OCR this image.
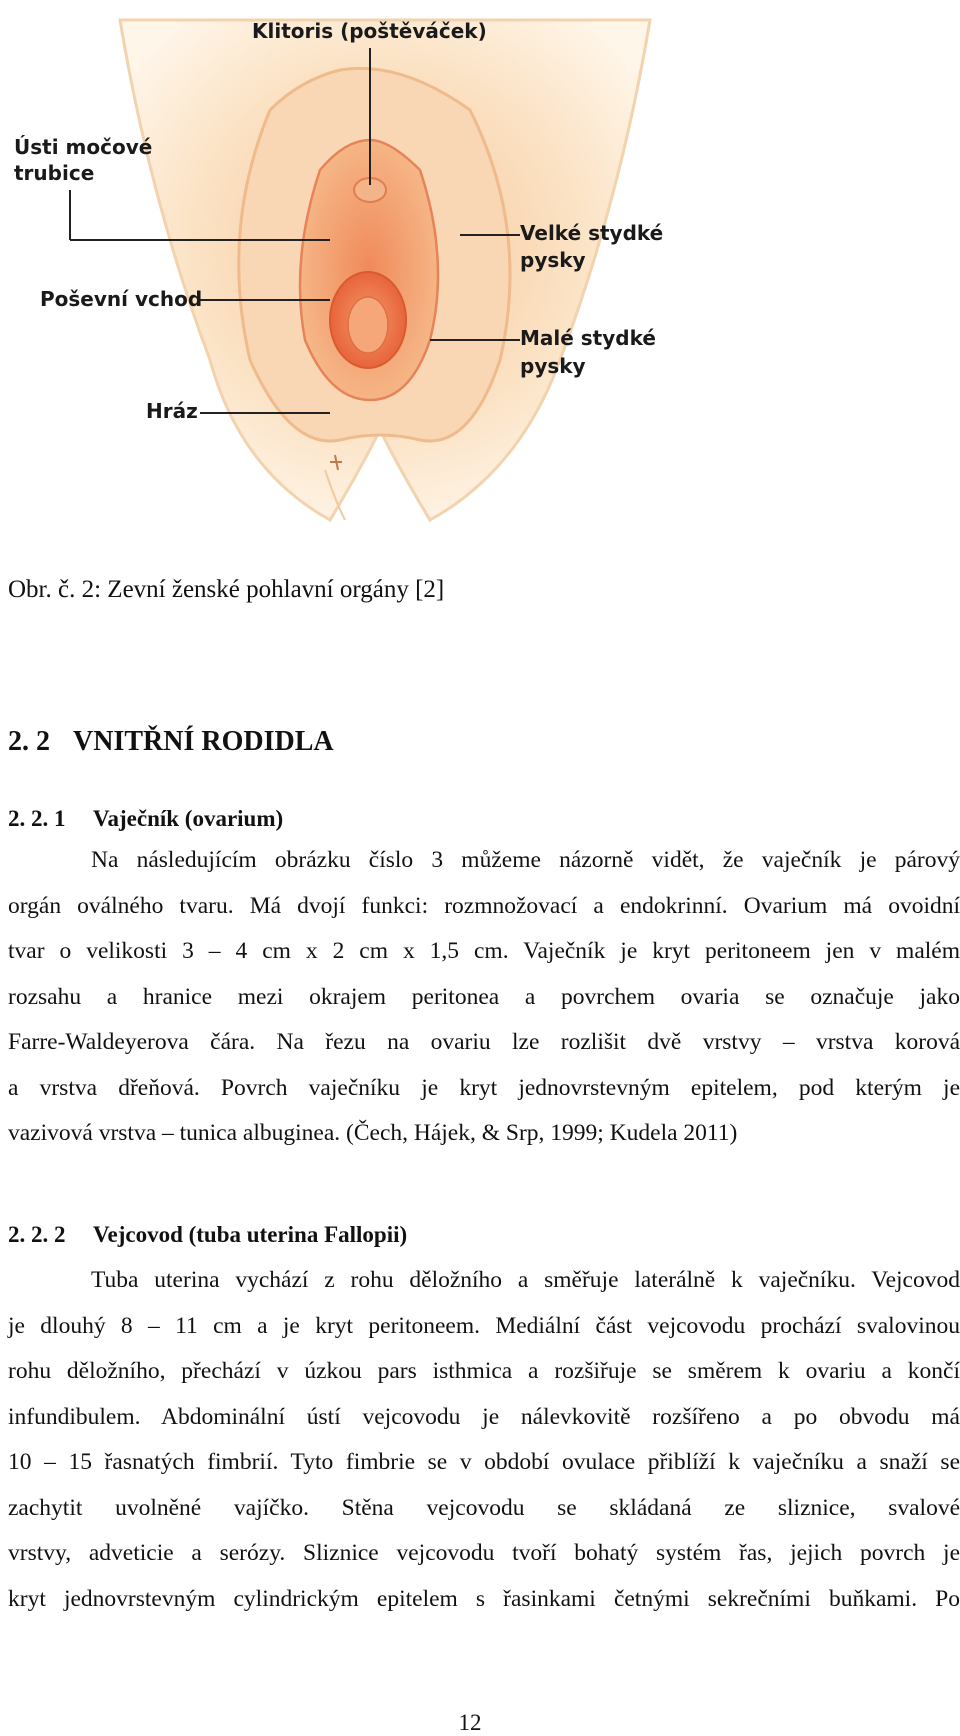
Klitoris (poštěváček)
Ústi močové
trubice
Velké stydké
pysky
Poševní vchod
Malé stydké
pysky
Hráz
Obr. č. 2: Zevní ženské pohlavní orgány [2]
2. 2 VNITŘNÍ RODIDLA
2. 2. 1 Vaječník (ovarium)
Na následujícím obrázku číslo 3 můžeme názorně vidět, že vaječník je párový
orgán oválného tvaru. Má dvojí funkci: rozmnožovací a endokrinní. Ovarium má ovoidní
tvar o velikosti 3 – 4 cm x 2 cm x 1,5 cm. Vaječník je kryt peritoneem jen v malém
rozsahu a hranice mezi okrajem peritonea a povrchem ovaria se označuje jako
Farre-Waldeyerova čára. Na řezu na ovariu lze rozlišit dvě vrstvy – vrstva korová
a vrstva dřeňová. Povrch vaječníku je kryt jednovrstevným epitelem, pod kterým je
vazivová vrstva – tunica albuginea. (Čech, Hájek, & Srp, 1999; Kudela 2011)
2. 2. 2 Vejcovod (tuba uterina Fallopii)
Tuba uterina vychází z rohu děložního a směřuje laterálně k vaječníku. Vejcovod
je dlouhý 8 – 11 cm a je kryt peritoneem. Mediální část vejcovodu prochází svalovinou
rohu děložního, přechází v úzkou pars isthmica a rozšiřuje se směrem k ovariu a končí
infundibulem. Abdominální ústí vejcovodu je nálevkovitě rozšířeno a po obvodu má
10 – 15 řasnatých fimbrií. Tyto fimbrie se v období ovulace přiblíží k vaječníku a snaží se
zachytit uvolněné vajíčko. Stěna vejcovodu se skládaná ze sliznice, svalové
vrstvy, adveticie a serózy. Sliznice vejcovodu tvoří bohatý systém řas, jejich povrch je
kryt jednovrstevným cylindrickým epitelem s řasinkami četnými sekrečními buňkami. Po
12
